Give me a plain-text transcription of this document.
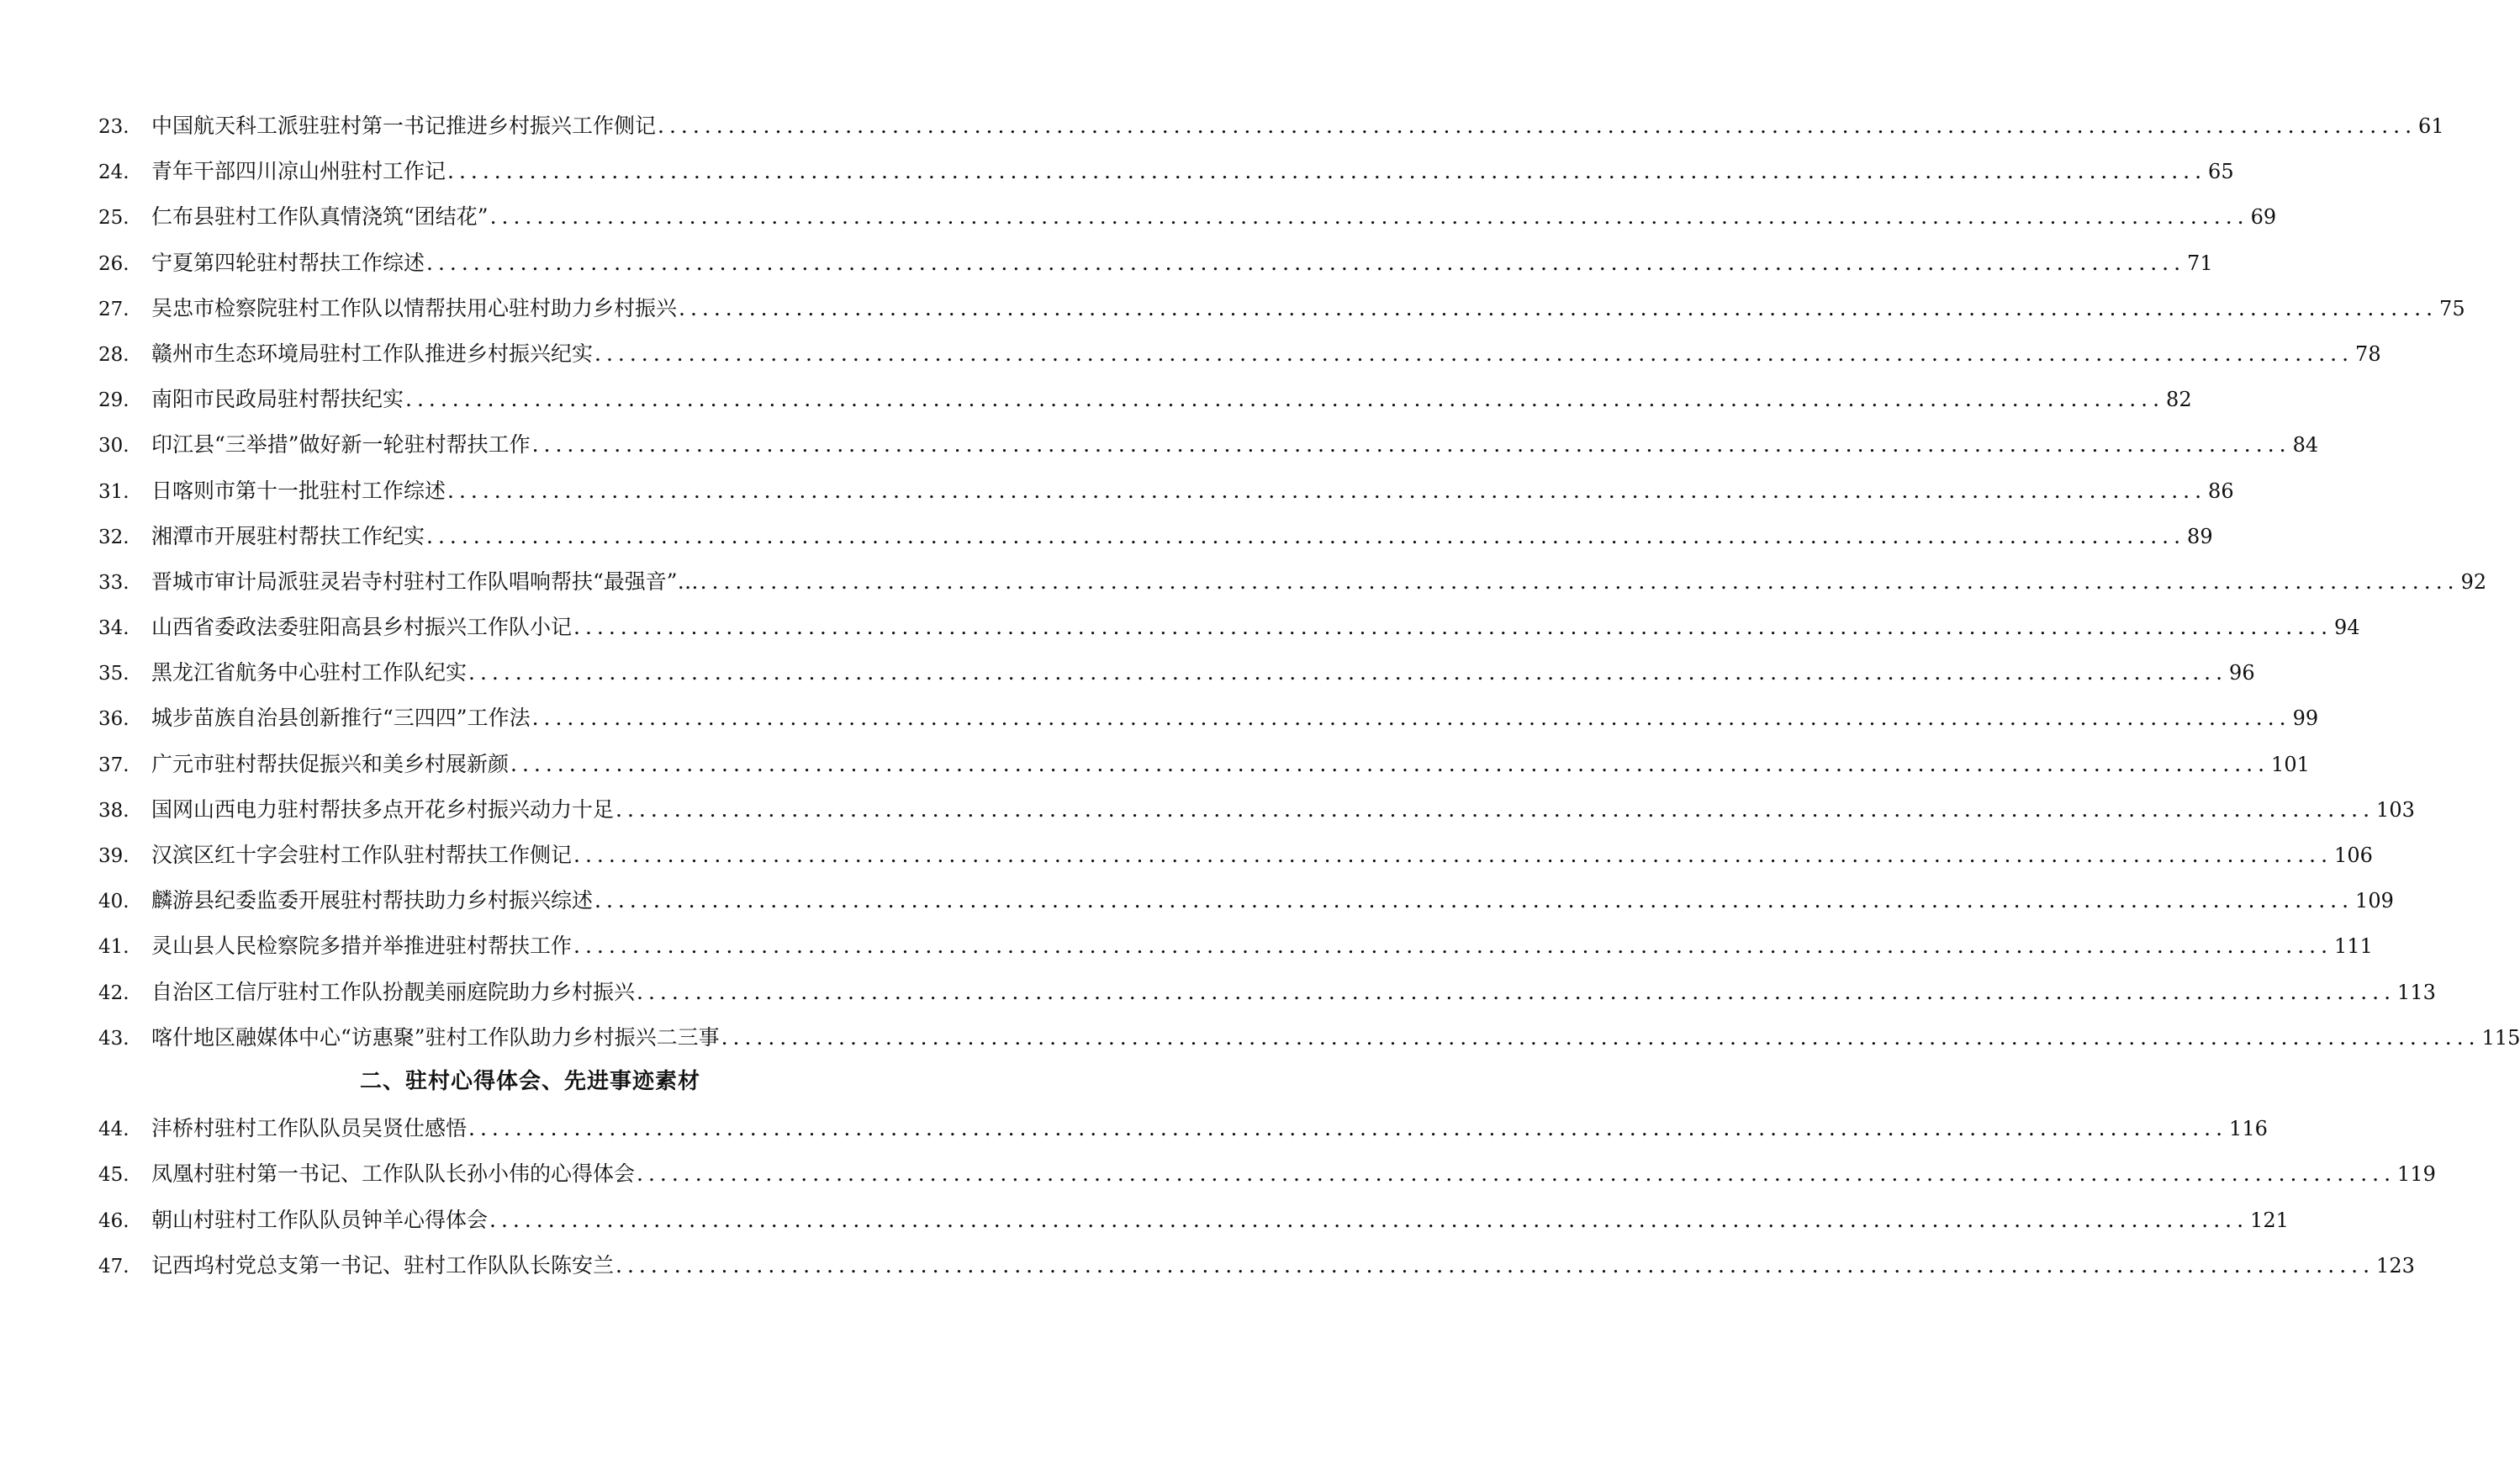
23.	中国航天科工派驻驻村第一书记推进乡村振兴工作侧记 .....	61
24.	青年干部四川凉山州驻村工作记 .....	65
25.	仁布县驻村工作队真情浇筑“团结花” .....	69
26.	宁夏第四轮驻村帮扶工作综述 .....	71
27.	吴忠市检察院驻村工作队以情帮扶用心驻村助力乡村振兴 .....	75
28.	赣州市生态环境局驻村工作队推进乡村振兴纪实 .....	78
29.	南阳市民政局驻村帮扶纪实 .....	82
30.	印江县“三举措”做好新一轮驻村帮扶工作 .....	84
31.	日喀则市第十一批驻村工作综述 .....	86
32.	湘潭市开展驻村帮扶工作纪实 .....	89
33.	晋城市审计局派驻灵岩寺村驻村工作队唱响帮扶“最强音”… .....	92
34.	山西省委政法委驻阳高县乡村振兴工作队小记 .....	94
35.	黑龙江省航务中心驻村工作队纪实 .....	96
36.	城步苗族自治县创新推行“三四四”工作法 .....	99
37.	广元市驻村帮扶促振兴和美乡村展新颜 .....	101
38.	国网山西电力驻村帮扶多点开花乡村振兴动力十足 .....	103
39.	汉滨区红十字会驻村工作队驻村帮扶工作侧记 .....	106
40.	麟游县纪委监委开展驻村帮扶助力乡村振兴综述 .....	109
41.	灵山县人民检察院多措并举推进驻村帮扶工作 .....	111
42.	自治区工信厅驻村工作队扮靓美丽庭院助力乡村振兴 .....	113
43.	喀什地区融媒体中心“访惠聚”驻村工作队助力乡村振兴二三事 .....	115
二、驻村心得体会、先进事迹素材
44.	沣桥村驻村工作队队员吴贤仕感悟 .....	116
45.	凤凰村驻村第一书记、工作队队长孙小伟的心得体会 .....	119
46.	朝山村驻村工作队队员钟羊心得体会 .....	121
47.	记西坞村党总支第一书记、驻村工作队队长陈安兰 .....	123
